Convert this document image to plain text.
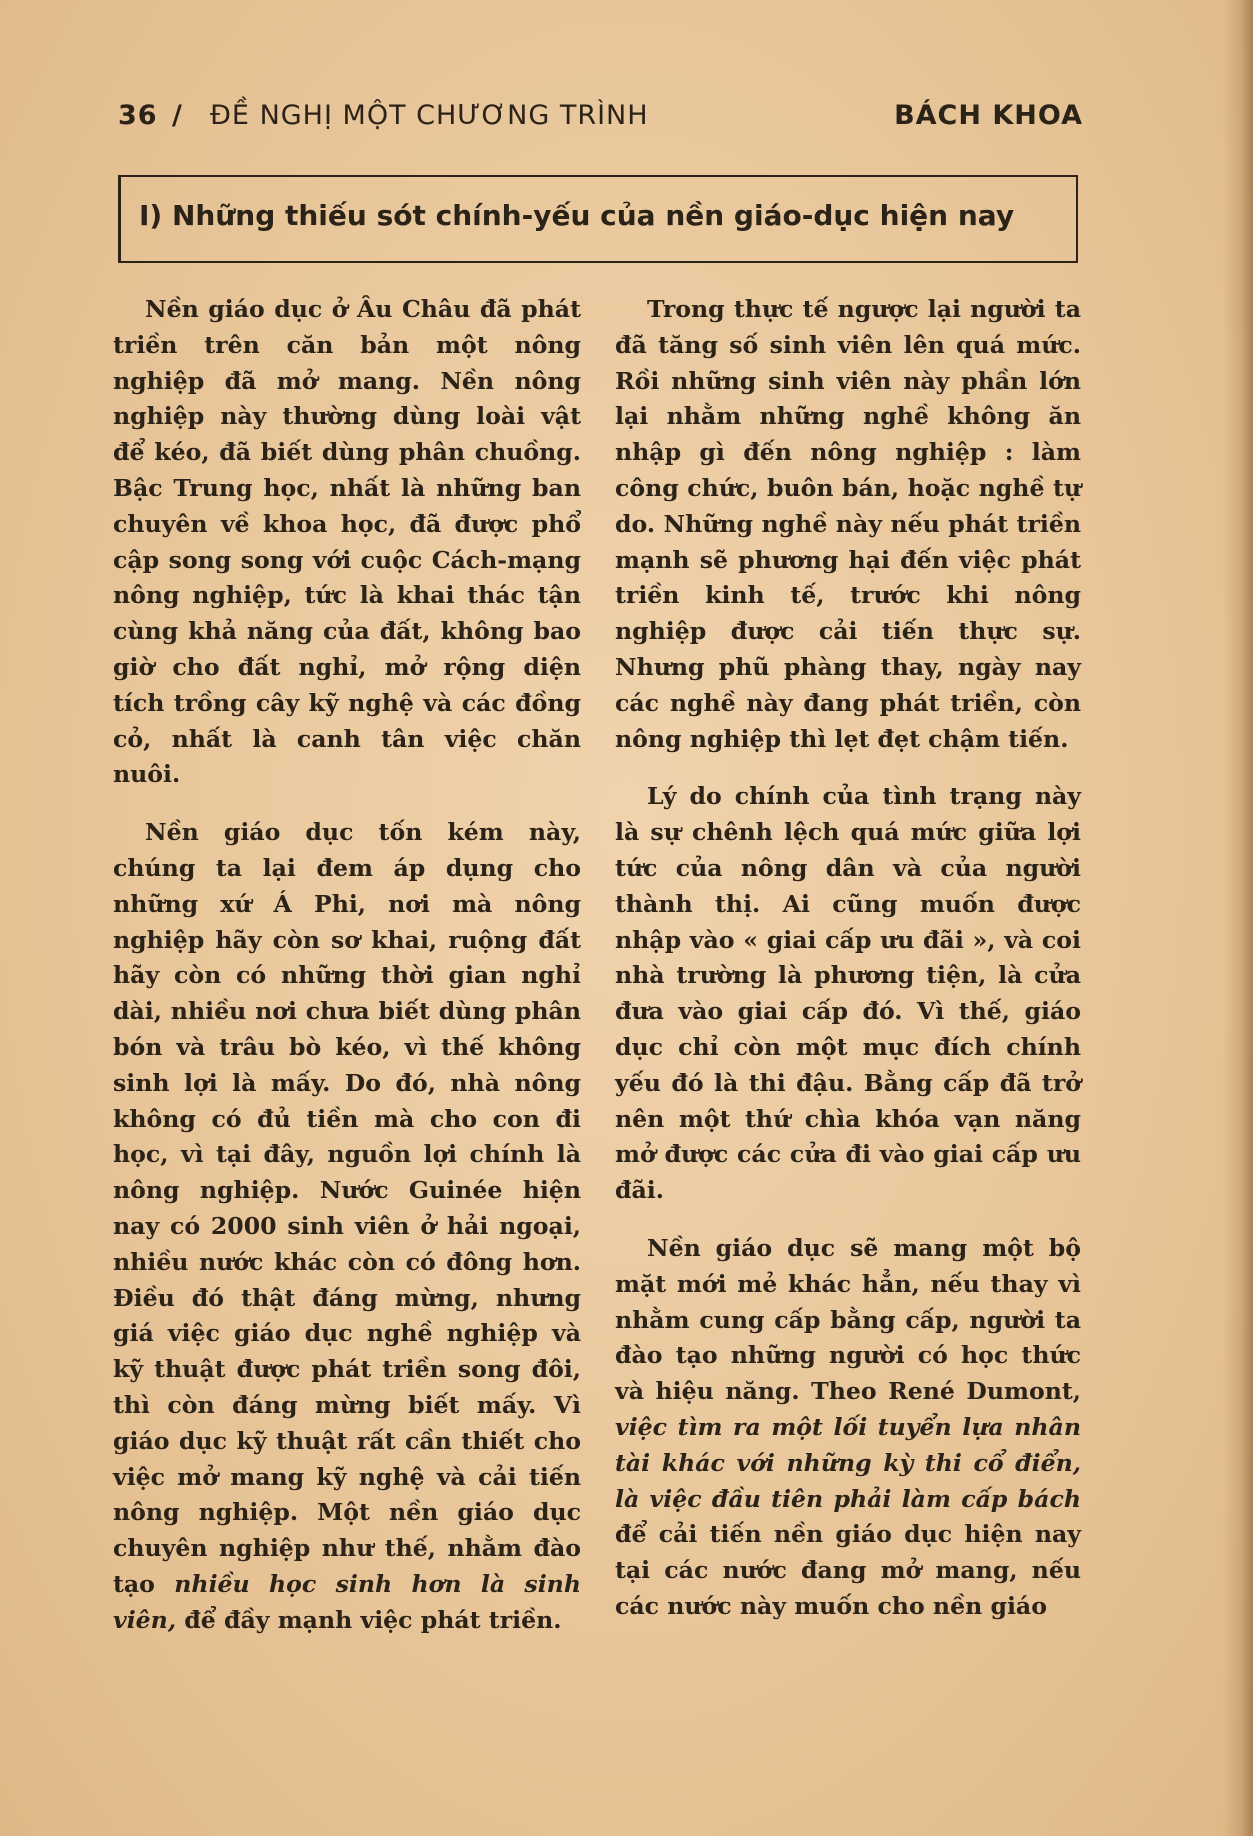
36 / ĐỀ NGHỊ MỘT CHƯƠNG TRÌNH	BÁCH KHOA
I) Những thiếu sót chính-yếu của nền giáo-dục hiện nay

Nền giáo dục ở Âu Châu đã phát triền trên căn bản một nông nghiệp đã mở mang. Nền nông nghiệp này thường dùng loài vật để kéo, đã biết dùng phân chuồng. Bậc Trung học, nhất là những ban chuyên về khoa học, đã được phổ cập song song với cuộc Cách-mạng nông nghiệp, tức là khai thác tận cùng khả năng của đất, không bao giờ cho đất nghỉ, mở rộng diện tích trồng cây kỹ nghệ và các đồng cỏ, nhất là canh tân việc chăn nuôi.

Nền giáo dục tốn kém này, chúng ta lại đem áp dụng cho những xứ Á Phi, nơi mà nông nghiệp hãy còn sơ khai, ruộng đất hãy còn có những thời gian nghỉ dài, nhiều nơi chưa biết dùng phân bón và trâu bò kéo, vì thế không sinh lợi là mấy. Do đó, nhà nông không có đủ tiền mà cho con đi học, vì tại đây, nguồn lợi chính là nông nghiệp. Nước Guinée hiện nay có 2000 sinh viên ở hải ngoại, nhiều nước khác còn có đông hơn. Điều đó thật đáng mừng, nhưng giá việc giáo dục nghề nghiệp và kỹ thuật được phát triền song đôi, thì còn đáng mừng biết mấy. Vì giáo dục kỹ thuật rất cần thiết cho việc mở mang kỹ nghệ và cải tiến nông nghiệp. Một nền giáo dục chuyên nghiệp như thế, nhằm đào tạo nhiều học sinh hơn là sinh viên, để đầy mạnh việc phát triền.

Trong thực tế ngược lại người ta đã tăng số sinh viên lên quá mức. Rồi những sinh viên này phần lớn lại nhằm những nghề không ăn nhập gì đến nông nghiệp : làm công chức, buôn bán, hoặc nghề tự do. Những nghề này nếu phát triền mạnh sẽ phương hại đến việc phát triền kinh tế, trước khi nông nghiệp được cải tiến thực sự. Nhưng phũ phàng thay, ngày nay các nghề này đang phát triền, còn nông nghiệp thì lẹt đẹt chậm tiến.

Lý do chính của tình trạng này là sự chênh lệch quá mức giữa lợi tức của nông dân và của người thành thị. Ai cũng muốn được nhập vào « giai cấp ưu đãi », và coi nhà trường là phương tiện, là cửa đưa vào giai cấp đó. Vì thế, giáo dục chỉ còn một mục đích chính yếu đó là thi đậu. Bằng cấp đã trở nên một thứ chìa khóa vạn năng mở được các cửa đi vào giai cấp ưu đãi.

Nền giáo dục sẽ mang một bộ mặt mới mẻ khác hẳn, nếu thay vì nhằm cung cấp bằng cấp, người ta đào tạo những người có học thức và hiệu năng. Theo René Dumont, việc tìm ra một lối tuyển lựa nhân tài khác với những kỳ thi cổ điển, là việc đầu tiên phải làm cấp bách để cải tiến nền giáo dục hiện nay tại các nước đang mở mang, nếu các nước này muốn cho nền giáo
